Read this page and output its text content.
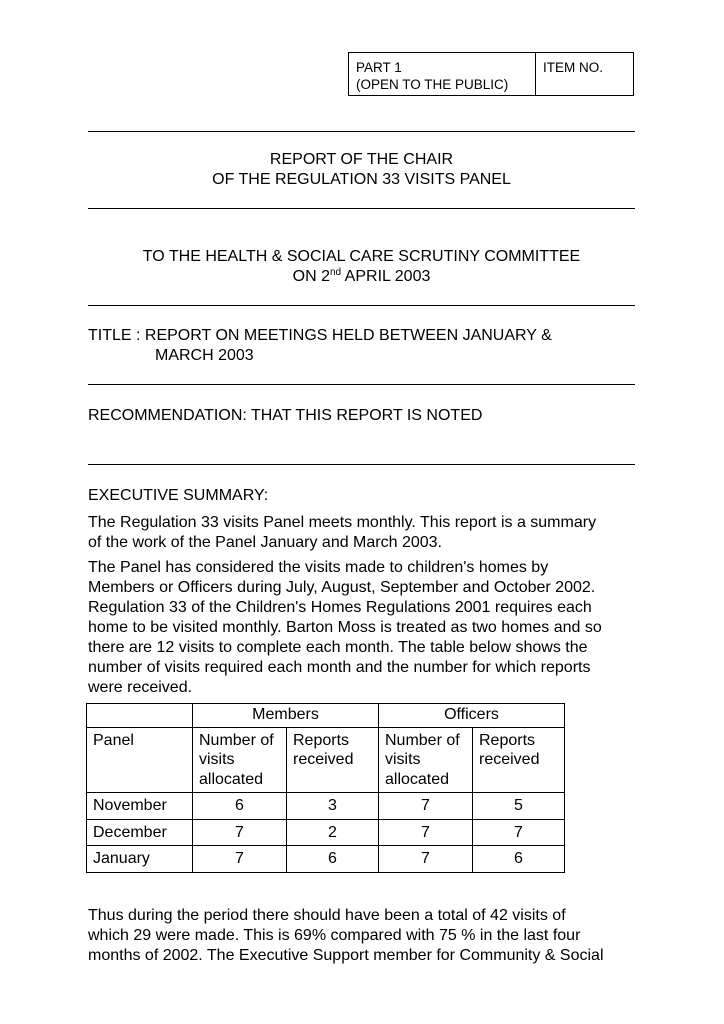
PART 1
(OPEN TO THE PUBLIC)
ITEM NO.
REPORT OF THE CHAIR
OF THE REGULATION 33 VISITS PANEL
TO THE HEALTH & SOCIAL CARE SCRUTINY COMMITTEE
ON 2nd APRIL 2003
TITLE : REPORT ON MEETINGS HELD BETWEEN JANUARY &
MARCH 2003
RECOMMENDATION: THAT THIS REPORT IS NOTED
EXECUTIVE SUMMARY:
The Regulation 33 visits Panel meets monthly. This report is a summary
of the work of the Panel January and March 2003.
The Panel has considered the visits made to children's homes by
Members or Officers during July, August, September and October 2002.
Regulation 33 of the Children's Homes Regulations 2001 requires each
home to be visited monthly. Barton Moss is treated as two homes and so
there are 12 visits to complete each month. The table below shows the
number of visits required each month and the number for which reports
were received.
	Members		Officers	
Panel	Number of visits allocated	Reports received	Number of visits allocated	Reports received
November	6	3	7	5
December	7	2	7	7
January	7	6	7	6
Thus during the period there should have been a total of 42 visits of
which 29 were made. This is 69% compared with 75 % in the last four
months of 2002. The Executive Support member for Community & Social
